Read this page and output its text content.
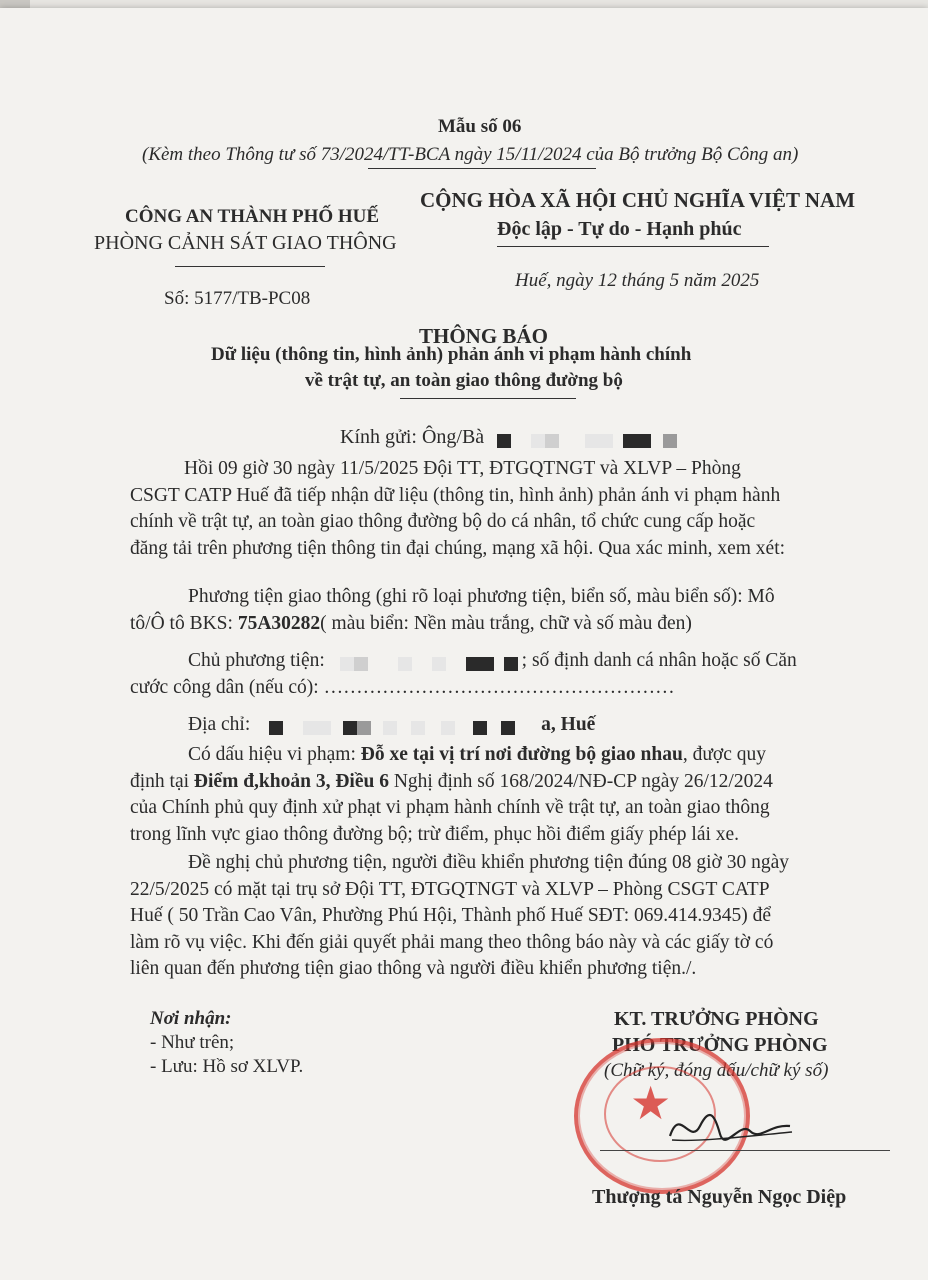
Mẫu số 06
(Kèm theo Thông tư số 73/2024/TT-BCA ngày 15/11/2024 của Bộ trưởng Bộ Công an)
CÔNG AN THÀNH PHỐ HUẾ
PHÒNG CẢNH SÁT GIAO THÔNG
Số: 5177/TB-PC08
CỘNG HÒA XÃ HỘI CHỦ NGHĨA VIỆT NAM
Độc lập - Tự do - Hạnh phúc
Huế, ngày 12 tháng 5 năm 2025
THÔNG BÁO
Dữ liệu (thông tin, hình ảnh) phản ánh vi phạm hành chính
về trật tự, an toàn giao thông đường bộ
Kính gửi: Ông/Bà
Hồi 09 giờ 30 ngày 11/5/2025 Đội TT, ĐTGQTNGT và XLVP – Phòng
CSGT CATP Huế đã tiếp nhận dữ liệu (thông tin, hình ảnh) phản ánh vi phạm hành
chính về trật tự, an toàn giao thông đường bộ do cá nhân, tổ chức cung cấp hoặc
đăng tải trên phương tiện thông tin đại chúng, mạng xã hội. Qua xác minh, xem xét:
Phương tiện giao thông (ghi rõ loại phương tiện, biển số, màu biển số): Mô
tô/Ô tô BKS: 75A30282( màu biển: Nền màu trắng, chữ và số màu đen)
Chủ phương tiện:	; số định danh cá nhân hoặc số Căn
cước công dân (nếu có): ………………………………………………
Địa chỉ:	a, Huế
Có dấu hiệu vi phạm: Đỗ xe tại vị trí nơi đường bộ giao nhau, được quy
định tại Điểm đ,khoản 3, Điều 6 Nghị định số 168/2024/NĐ-CP ngày 26/12/2024
của Chính phủ quy định xử phạt vi phạm hành chính về trật tự, an toàn giao thông
trong lĩnh vực giao thông đường bộ; trừ điểm, phục hồi điểm giấy phép lái xe.
Đề nghị chủ phương tiện, người điều khiển phương tiện đúng 08 giờ 30 ngày
22/5/2025 có mặt tại trụ sở Đội TT, ĐTGQTNGT và XLVP – Phòng CSGT CATP
Huế ( 50 Trần Cao Vân, Phường Phú Hội, Thành phố Huế SĐT: 069.414.9345) để
làm rõ vụ việc. Khi đến giải quyết phải mang theo thông báo này và các giấy tờ có
liên quan đến phương tiện giao thông và người điều khiển phương tiện./.
Nơi nhận:
- Như trên;
- Lưu: Hồ sơ XLVP.
KT. TRƯỞNG PHÒNG
PHÓ TRƯỞNG PHÒNG
(Chữ ký, đóng dấu/chữ ký số)
★
Thượng tá Nguyễn Ngọc Diệp
